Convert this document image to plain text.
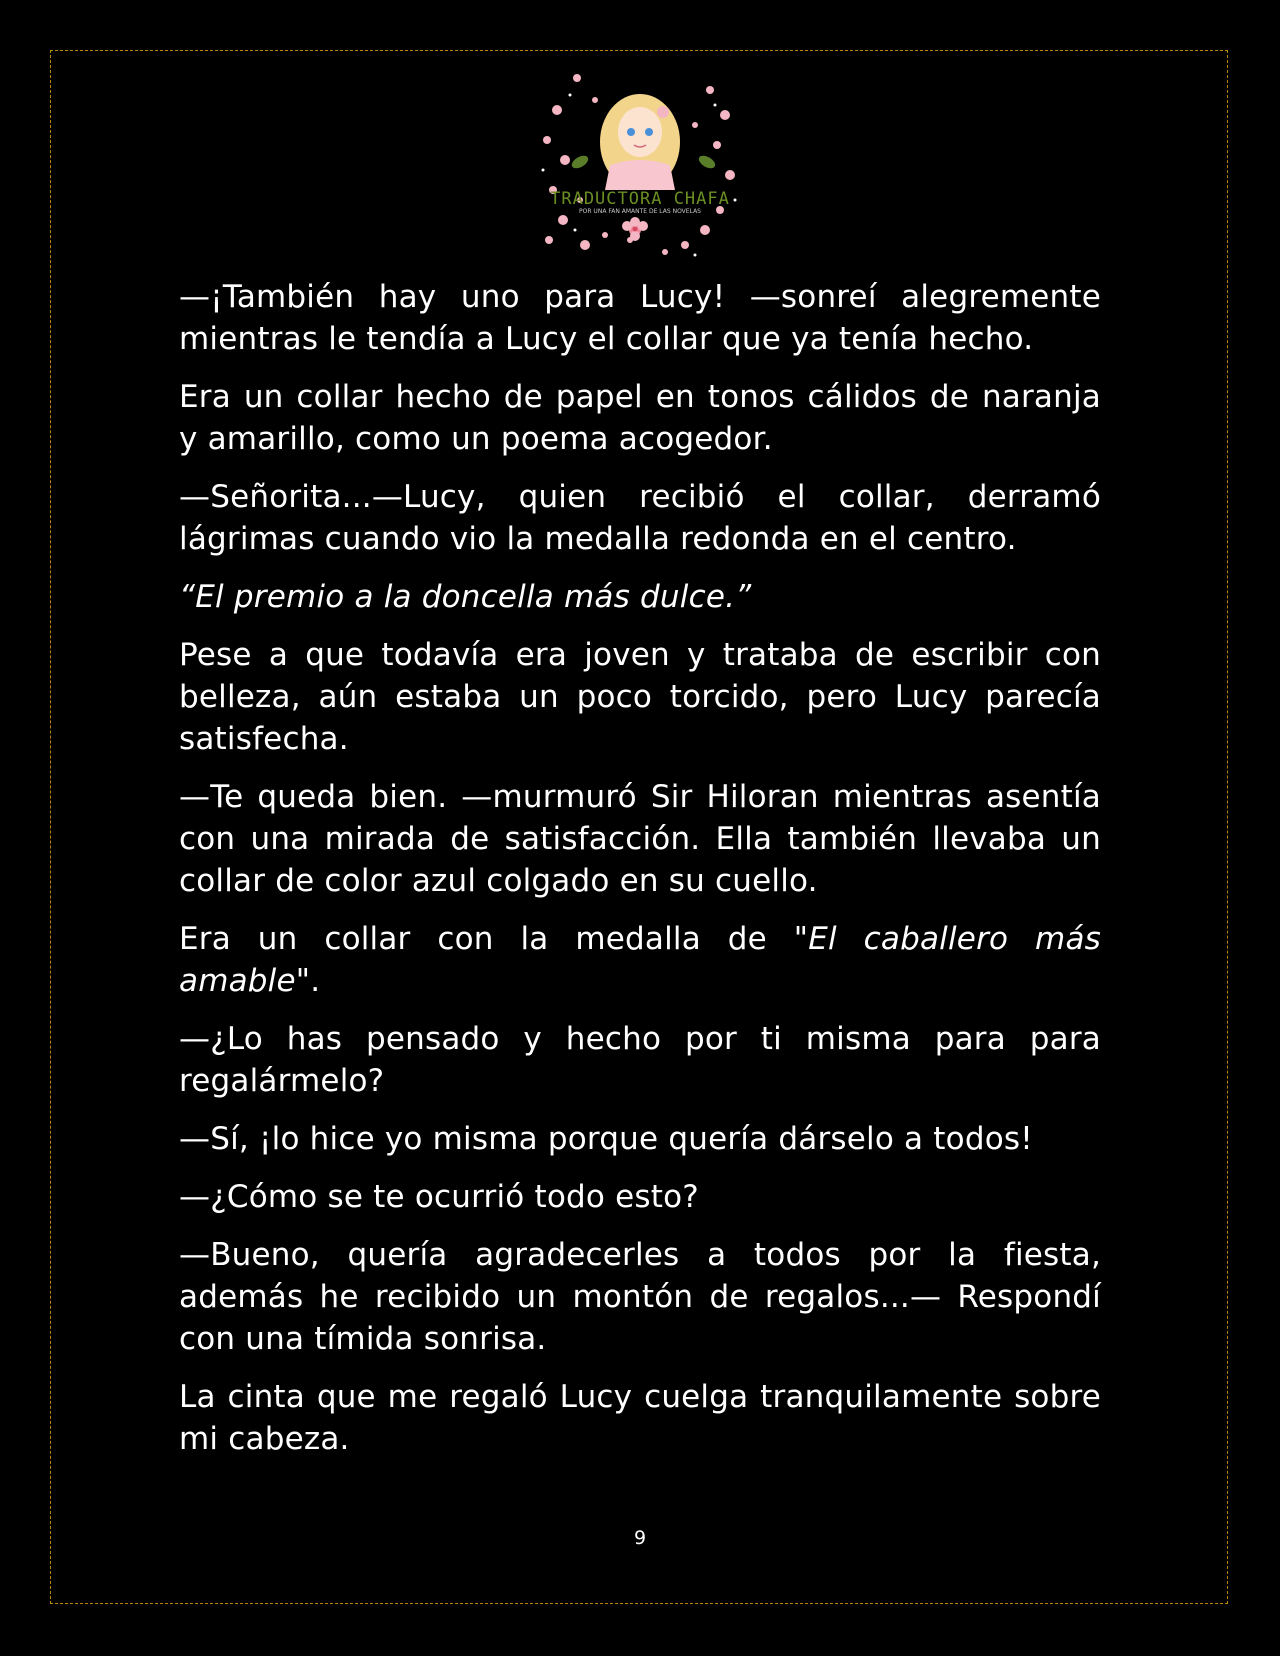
TRADUCTORA CHAFA
POR UNA FAN AMANTE DE LAS NOVELAS

—¡También hay uno para Lucy! —sonreí alegremente mientras le tendía a Lucy el collar que ya tenía hecho.

Era un collar hecho de papel en tonos cálidos de naranja y amarillo, como un poema acogedor.

—Señorita...—Lucy, quien recibió el collar, derramó lágrimas cuando vio la medalla redonda en el centro.

“El premio a la doncella más dulce.”

Pese a que todavía era joven y trataba de escribir con belleza, aún estaba un poco torcido, pero Lucy parecía satisfecha.

—Te queda bien. —murmuró Sir Hiloran mientras asentía con una mirada de satisfacción. Ella también llevaba un collar de color azul colgado en su cuello.

Era un collar con la medalla de "El caballero más amable".

—¿Lo has pensado y hecho por ti misma para para regalármelo?

—Sí, ¡lo hice yo misma porque quería dárselo a todos!

—¿Cómo se te ocurrió todo esto?

—Bueno, quería agradecerles a todos por la fiesta, además he recibido un montón de regalos...— Respondí con una tímida sonrisa.

La cinta que me regaló Lucy cuelga tranquilamente sobre mi cabeza.

9
